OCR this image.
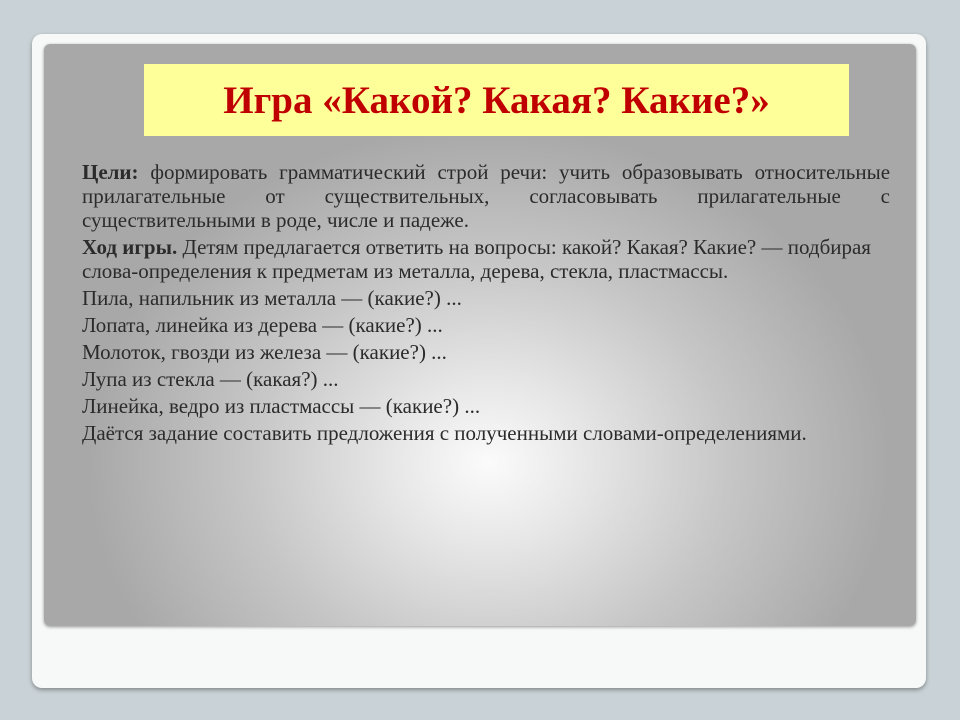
Игра «Какой? Какая? Какие?»

Цели: формировать грамматический строй речи: учить образовывать относительные прилагательные от существительных, согласовывать прилагательные с существительными в роде, числе и падеже.

Ход игры. Детям предлагается ответить на вопросы: какой? Какая? Какие? — подбирая слова-определения к предметам из металла, дерева, стекла, пластмассы.

Пила, напильник из металла — (какие?) ...

Лопата, линейка из дерева — (какие?) ...

Молоток, гвозди из железа — (какие?) ...

Лупа из стекла — (какая?) ...

Линейка, ведро из пластмассы — (какие?) ...

Даётся задание составить предложения с полученными словами-определениями.
